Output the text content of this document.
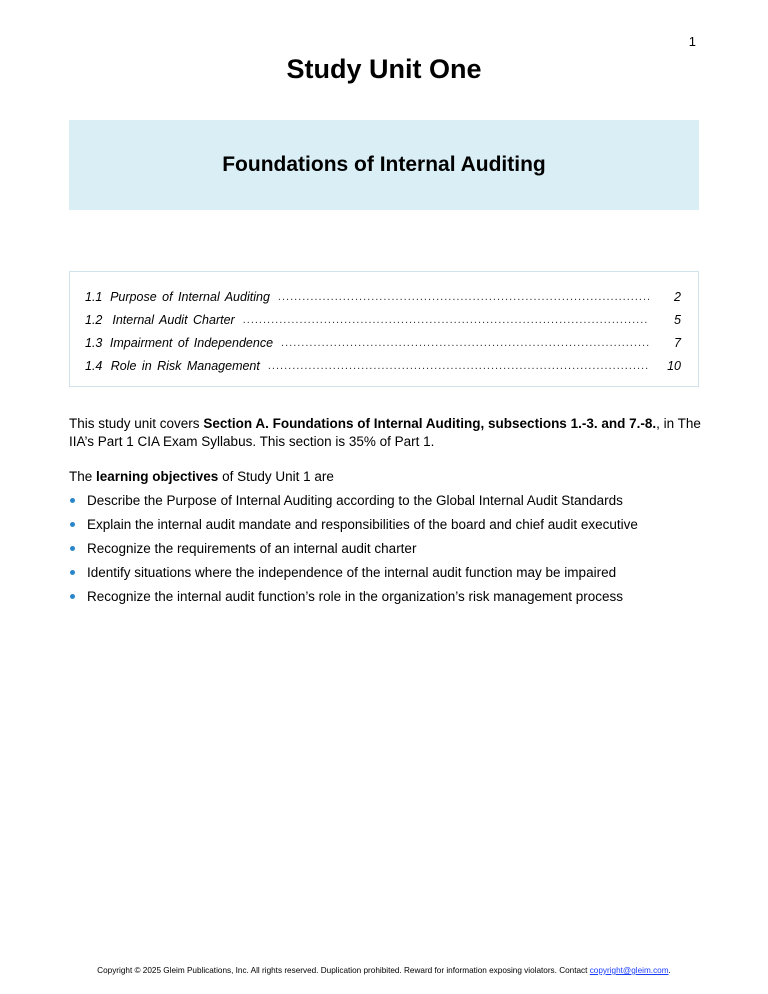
1
Study Unit One
Foundations of Internal Auditing
1.1 Purpose of Internal Auditing .....	2
1.2 Internal Audit Charter .....	5
1.3 Impairment of Independence .....	7
1.4 Role in Risk Management .....	10

This study unit covers Section A. Foundations of Internal Auditing, subsections 1.-3. and 7.-8., in The IIA’s Part 1 CIA Exam Syllabus. This section is 35% of Part 1.

The learning objectives of Study Unit 1 are

Describe the Purpose of Internal Auditing according to the Global Internal Audit Standards
Explain the internal audit mandate and responsibilities of the board and chief audit executive
Recognize the requirements of an internal audit charter
Identify situations where the independence of the internal audit function may be impaired
Recognize the internal audit function’s role in the organization’s risk management process

Copyright © 2025 Gleim Publications, Inc. All rights reserved. Duplication prohibited. Reward for information exposing violators. Contact copyright@gleim.com.
